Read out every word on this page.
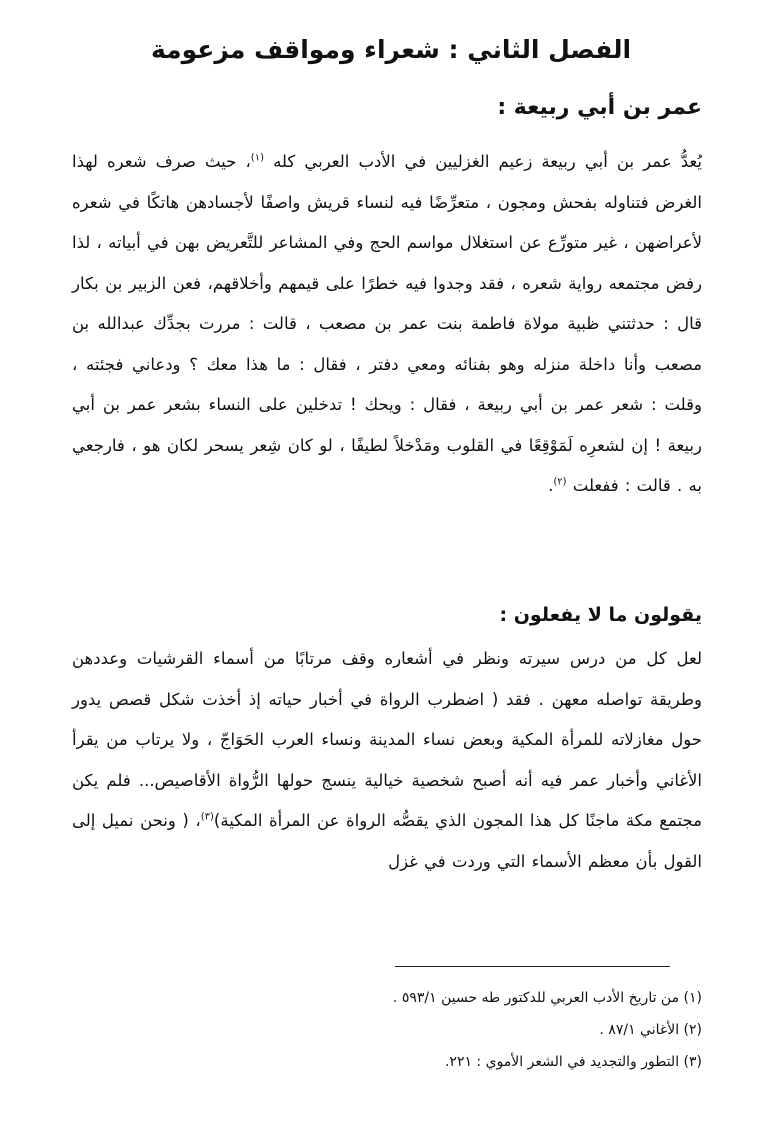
الفصل الثاني : شعراء ومواقف مزعومة
عمر بن أبي ربيعة :

يُعدُّ عمر بن أبي ربيعة زعيم الغزليين في الأدب العربي كله $^{(١)}$، حيث صرف شعره لهذا الغرض فتناوله بفحش ومجون ، متعرِّضًا فيه لنساء قريش واصفًا لأجسادهن هاتكًا في شعره لأعراضهن ، غير متورِّع عن استغلال مواسم الحج وفي المشاعر للتَّعريض بهن في أبياته ، لذا رفض مجتمعه رواية شعره ، فقد وجدوا فيه خطرًا على قيمهم وأخلاقهم، فعن الزبير بن بكار قال : حدثتني ظبية مولاة فاطمة بنت عمر بن مصعب ، قالت : مررت بجدِّك عبدالله بن مصعب وأنا داخلة منزله وهو بفنائه ومعي دفتر ، فقال : ما هذا معك ؟ ودعاني فجئته ، وقلت : شعر عمر بن أبي ربيعة ، فقال : ويحك ! تدخلين على النساء بشعر عمر بن أبي ربيعة ! إن لشعرِه لَمَوْقِعًا في القلوب ومَدْخلاً لطيفًا ، لو كان شِعر يسحر لكان هو ، فارجعي به . قالت : ففعلت $^{(٢)}$.

يقولون ما لا يفعلون :

لعل كل من درس سيرته ونظر في أشعاره وقف مرتابًا من أسماء القرشيات وعددهن وطريقة تواصله معهن . فقد ( اضطرب الرواة في أخبار حياته إذ أخذت شكل قصص يدور حول مغازلاته للمرأة المكية وبعض نساء المدينة ونساء العرب الحَوَاجّ ، ولا يرتاب من يقرأ الأغاني وأخبار عمر فيه أنه أصبح شخصية خيالية ينسج حولها الرُّواة الأقاصيص... فلم يكن مجتمع مكة ماجنًا كل هذا المجون الذي يقصُّه الرواة عن المرأة المكية)$^{(٣)}$، ( ونحن نميل إلى القول بأن معظم الأسماء التي وردت في غزل

(١) من تاريخ الأدب العربي للدكتور طه حسين ٥٩٣/١ .
(٢) الأغاني ٨٧/١ .
(٣) التطور والتجديد في الشعر الأموي : ٢٢١.
